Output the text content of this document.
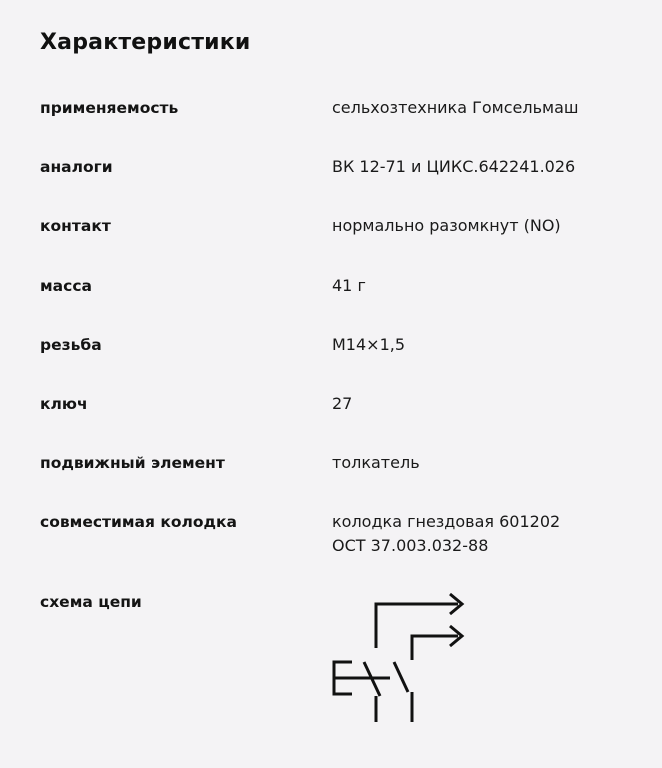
Характеристики
применяемость	сельхозтехника Гомсельмаш
аналоги	ВК 12-71 и ЦИКС.642241.026
контакт	нормально разомкнут (NO)
масса	41 г
резьба	М14×1,5
ключ	27
подвижный элемент	толкатель
совместимая колодка	колодка гнездовая 601202
ОСТ 37.003.032-88
схема цепи
